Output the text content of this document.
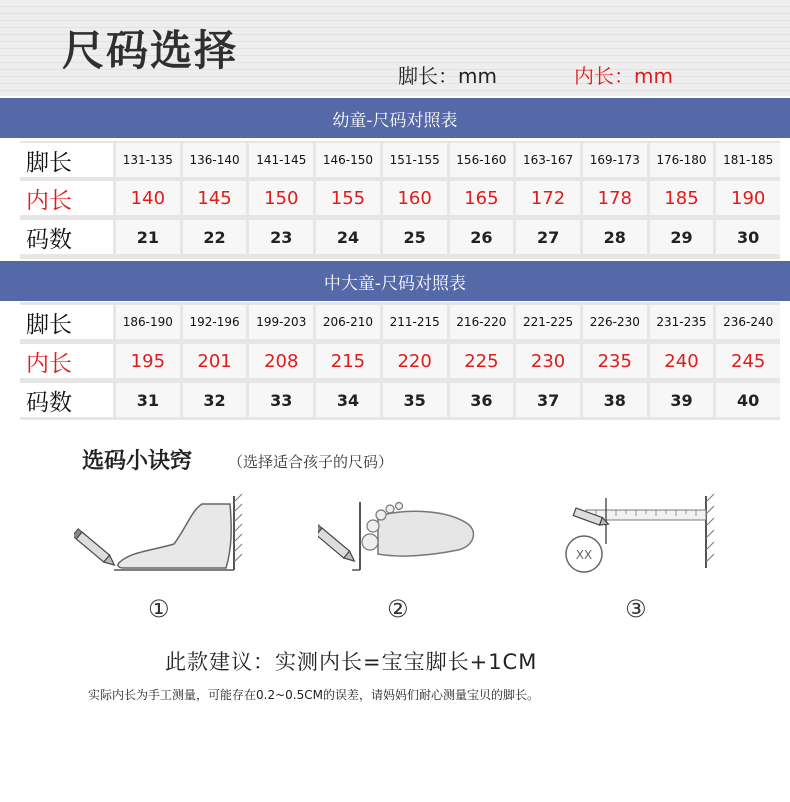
尺码选择
脚长：mm	内长：mm
幼童-尺码对照表
脚长	131-135	136-140	141-145	146-150	151-155	156-160	163-167	169-173	176-180	181-185
内长	140	145	150	155	160	165	172	178	185	190
码数	21	22	23	24	25	26	27	28	29	30
中大童-尺码对照表
脚长	186-190	192-196	199-203	206-210	211-215	216-220	221-225	226-230	231-235	236-240
内长	195	201	208	215	220	225	230	235	240	245
码数	31	32	33	34	35	36	37	38	39	40
选码小诀窍 （选择适合孩子的尺码）
XX
①	②	③
此款建议：实测内长=宝宝脚长+1CM
实际内长为手工测量，可能存在0.2~0.5CM的误差，请妈妈们耐心测量宝贝的脚长。
